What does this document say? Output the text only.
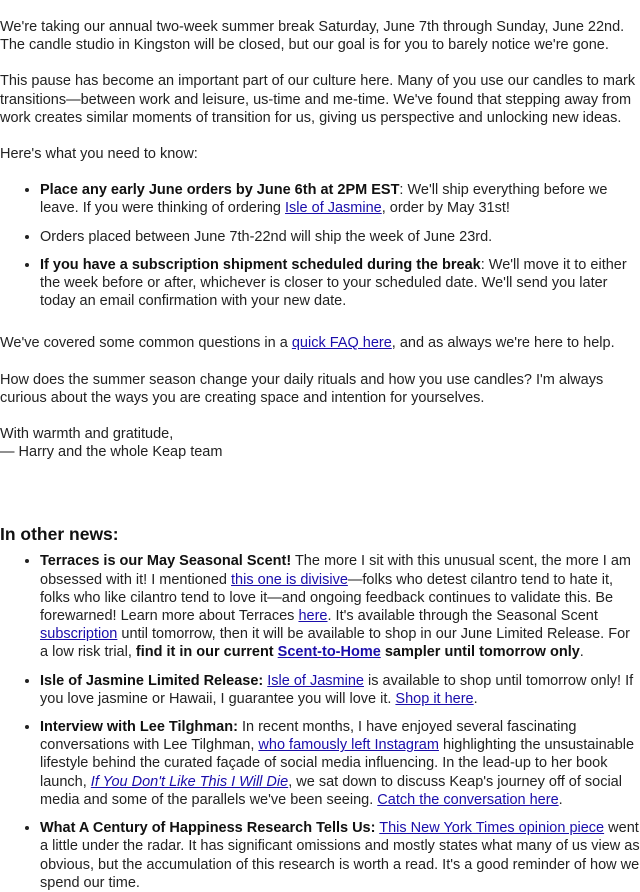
We're taking our annual two-week summer break Saturday, June 7th through Sunday, June 22nd. The candle studio in Kingston will be closed, but our goal is for you to barely notice we're gone.

This pause has become an important part of our culture here. Many of you use our candles to mark transitions—between work and leisure, us-time and me-time. We've found that stepping away from work creates similar moments of transition for us, giving us perspective and unlocking new ideas.

Here's what you need to know:

• Place any early June orders by June 6th at 2PM EST: We'll ship everything before we leave. If you were thinking of ordering Isle of Jasmine, order by May 31st!
• Orders placed between June 7th-22nd will ship the week of June 23rd.
• If you have a subscription shipment scheduled during the break: We'll move it to either the week before or after, whichever is closer to your scheduled date. We'll send you later today an email confirmation with your new date.

We've covered some common questions in a quick FAQ here, and as always we're here to help.

How does the summer season change your daily rituals and how you use candles? I'm always curious about the ways you are creating space and intention for yourselves.

With warmth and gratitude,
— Harry and the whole Keap team

In other news:
• Terraces is our May Seasonal Scent! The more I sit with this unusual scent, the more I am obsessed with it! I mentioned this one is divisive—folks who detest cilantro tend to hate it, folks who like cilantro tend to love it—and ongoing feedback continues to validate this. Be forewarned! Learn more about Terraces here. It's available through the Seasonal Scent subscription until tomorrow, then it will be available to shop in our June Limited Release. For a low risk trial, find it in our current Scent-to-Home sampler until tomorrow only.
• Isle of Jasmine Limited Release: Isle of Jasmine is available to shop until tomorrow only! If you love jasmine or Hawaii, I guarantee you will love it. Shop it here.
• Interview with Lee Tilghman: In recent months, I have enjoyed several fascinating conversations with Lee Tilghman, who famously left Instagram highlighting the unsustainable lifestyle behind the curated façade of social media influencing. In the lead-up to her book launch, If You Don't Like This I Will Die, we sat down to discuss Keap's journey off of social media and some of the parallels we've been seeing. Catch the conversation here.
• What A Century of Happiness Research Tells Us: This New York Times opinion piece went a little under the radar. It has significant omissions and mostly states what many of us view as obvious, but the accumulation of this research is worth a read. It's a good reminder of how we spend our time.
